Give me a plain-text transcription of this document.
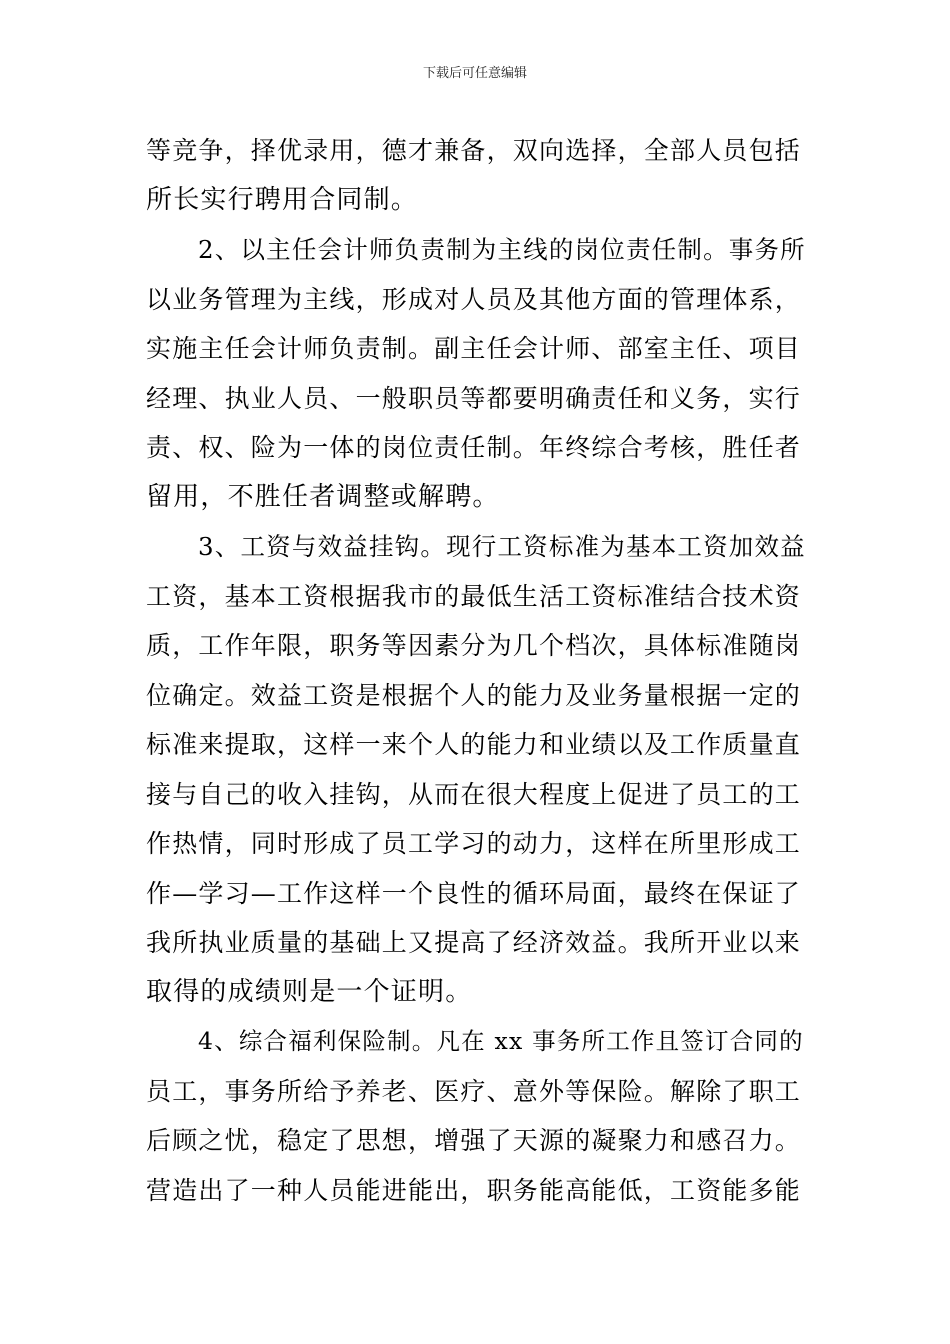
下载后可任意编辑
等竞争，择优录用，德才兼备，双向选择，全部人员包括
所长实行聘用合同制。
2、以主任会计师负责制为主线的岗位责任制。事务所
以业务管理为主线，形成对人员及其他方面的管理体系，
实施主任会计师负责制。副主任会计师、部室主任、项目
经理、执业人员、一般职员等都要明确责任和义务，实行
责、权、险为一体的岗位责任制。年终综合考核，胜任者
留用，不胜任者调整或解聘。
3、工资与效益挂钩。现行工资标准为基本工资加效益
工资，基本工资根据我市的最低生活工资标准结合技术资
质，工作年限，职务等因素分为几个档次，具体标准随岗
位确定。效益工资是根据个人的能力及业务量根据一定的
标准来提取，这样一来个人的能力和业绩以及工作质量直
接与自己的收入挂钩，从而在很大程度上促进了员工的工
作热情，同时形成了员工学习的动力，这样在所里形成工
作—学习—工作这样一个良性的循环局面，最终在保证了
我所执业质量的基础上又提高了经济效益。我所开业以来
取得的成绩则是一个证明。
4、综合福利保险制。凡在 xx 事务所工作且签订合同的
员工，事务所给予养老、医疗、意外等保险。解除了职工
后顾之忧，稳定了思想，增强了天源的凝聚力和感召力。
营造出了一种人员能进能出，职务能高能低，工资能多能
